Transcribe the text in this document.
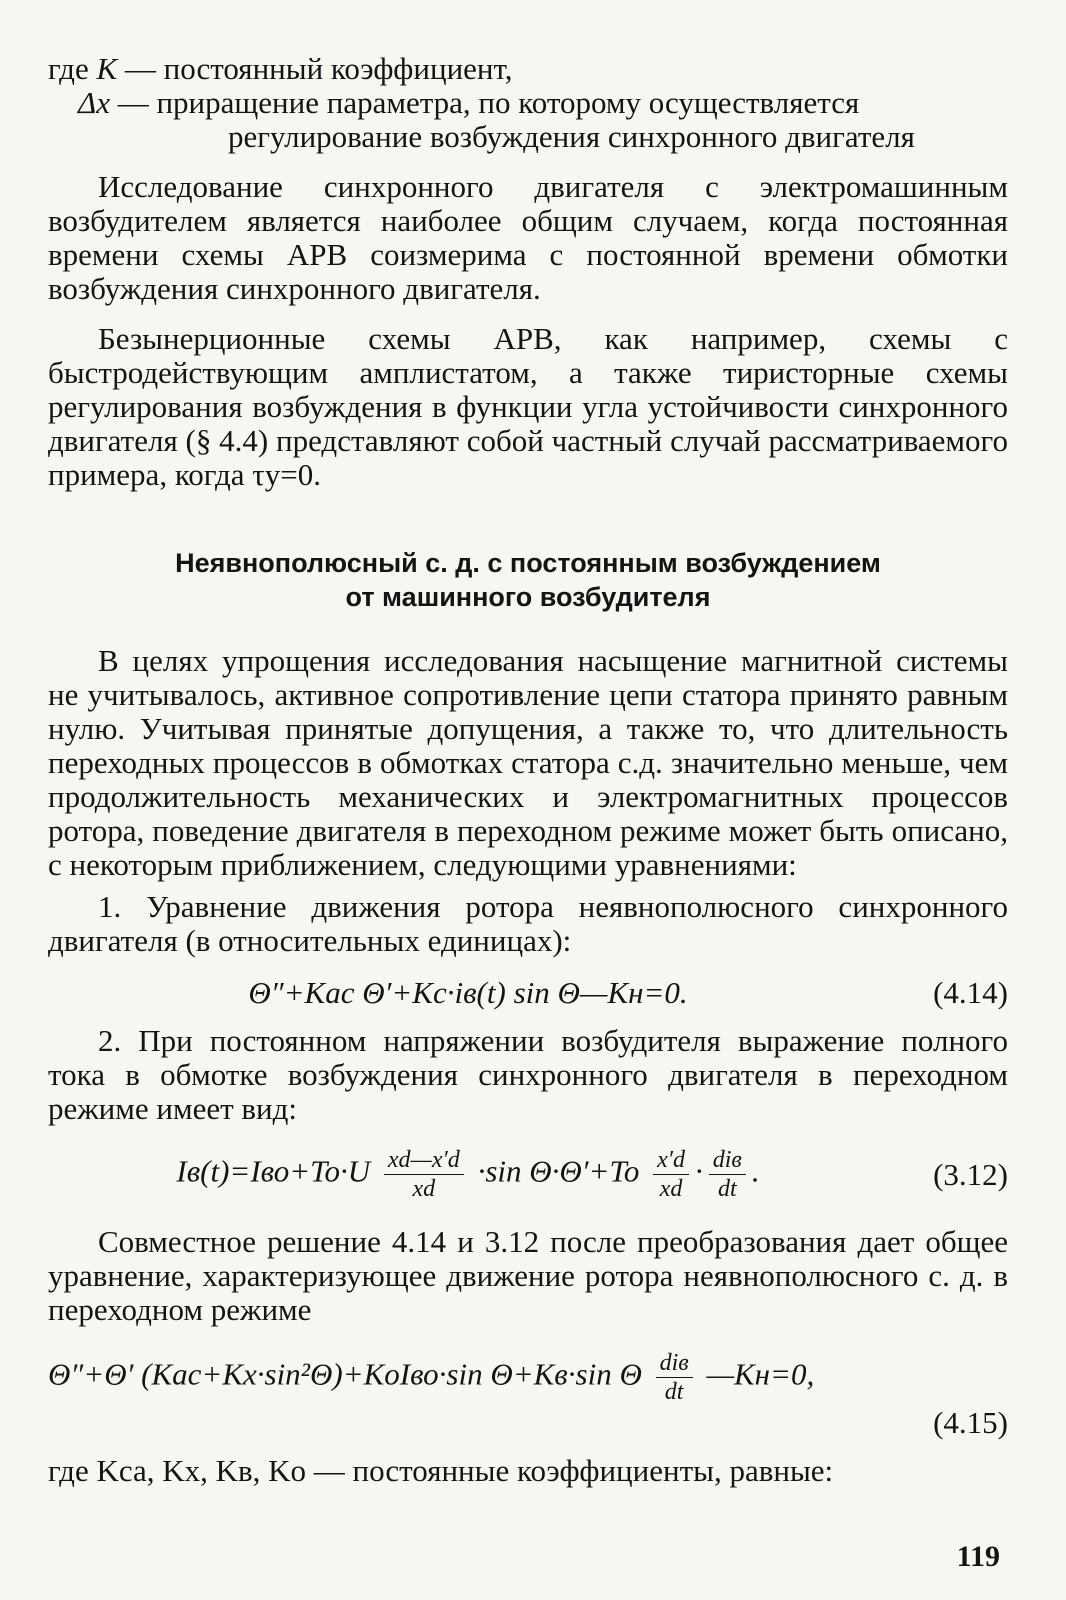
где
K
— постоянный коэффициент,
Δx
— приращение параметра, по которому осуществляется
регулирование возбуждения синхронного двигателя
Исследование синхронного двигателя с электромашинным возбудителем является наиболее общим случаем, когда постоянная времени схемы АРВ соизмерима с постоянной времени обмотки возбуждения синхронного двигателя.
Безынерционные схемы АРВ, как например, схемы с быстродействующим амплистатом, а также тиристорные схемы регулирования возбуждения в функции угла устойчивости синхронного двигателя (§ 4.4) представляют собой частный случай рассматриваемого примера, когда τу=0.
Неявнополюсный с. д. с постоянным возбуждением
от машинного возбудителя
В целях упрощения исследования насыщение магнитной системы не учитывалось, активное сопротивление цепи статора принято равным нулю. Учитывая принятые допущения, а также то, что длительность переходных процессов в обмотках статора с.д. значительно меньше, чем продолжительность механических и электромагнитных процессов ротора, поведение двигателя в переходном режиме может быть описано, с некоторым приближением, следующими уравнениями:
1. Уравнение движения ротора неявнополюсного синхронного двигателя (в относительных единицах):
Θ″+Kас Θ′+Kс·iв(t) sin Θ—Kн=0.	(4.14)
2. При постоянном напряжении возбудителя выражение полного тока в обмотке возбуждения синхронного двигателя в переходном режиме имеет вид:
$Iв(t)=Iво+To\cdot U \frac{xd—x'd}{xd} \cdot\sin$ $\Theta\cdot\Theta'+To \frac{x'd}{xd} \cdot \frac{\text{diв}}{dt}$ .	(3.12)
Совместное решение 4.14 и 3.12 после преобразования дает общее уравнение, характеризующее движение ротора неявнополюсного с. д. в переходном режиме
Θ″+Θ′ (Kас+Kx·sin²Θ)+KoIво·sin Θ+Kв·sin Θ $\frac{\text{diв}}{dt}$ —Kн=0,
(4.15)
где Kса, Kx, Kв, Ko — постоянные коэффициенты, равные:
119
